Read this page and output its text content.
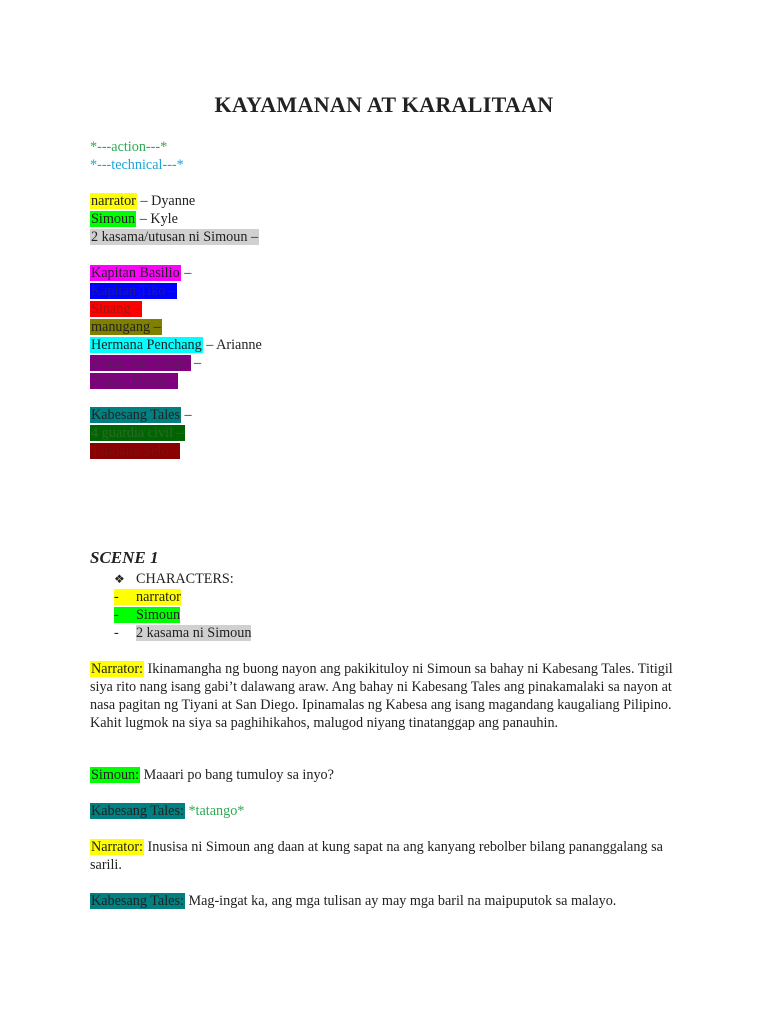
KAYAMANAN AT KARALITAAN
*---action---*
*---technical---*
narrator – Dyanne
Simoun – Kyle
2 kasama/utusan ni Simoun –
Kapitan Basilio –
Kapitan Tiko –
Sinang –
manugang –
Hermana Penchang – Arianne
3 taga-San Diego –
3 taga-Tiyani –
Kabesang Tales –
4 guardia civil –
Tandang Selo –
SCENE 1
❖ CHARACTERS:
- narrator
- Simoun
- 2 kasama ni Simoun
Narrator: Ikinamangha ng buong nayon ang pakikituloy ni Simoun sa bahay ni Kabesang Tales. Titigil siya rito nang isang gabi’t dalawang araw. Ang bahay ni Kabesang Tales ang pinakamalaki sa nayon at nasa pagitan ng Tiyani at San Diego. Ipinamalas ng Kabesa ang isang magandang kaugaliang Pilipino. Kahit lugmok na siya sa paghihikahos, malugod niyang tinatanggap ang panauhin.
Simoun: Maaari po bang tumuloy sa inyo?
Kabesang Tales: *tatango*
Narrator: Inusisa ni Simoun ang daan at kung sapat na ang kanyang rebolber bilang pananggalang sa sarili.
Kabesang Tales: Mag-ingat ka, ang mga tulisan ay may mga baril na maipuputok sa malayo.
